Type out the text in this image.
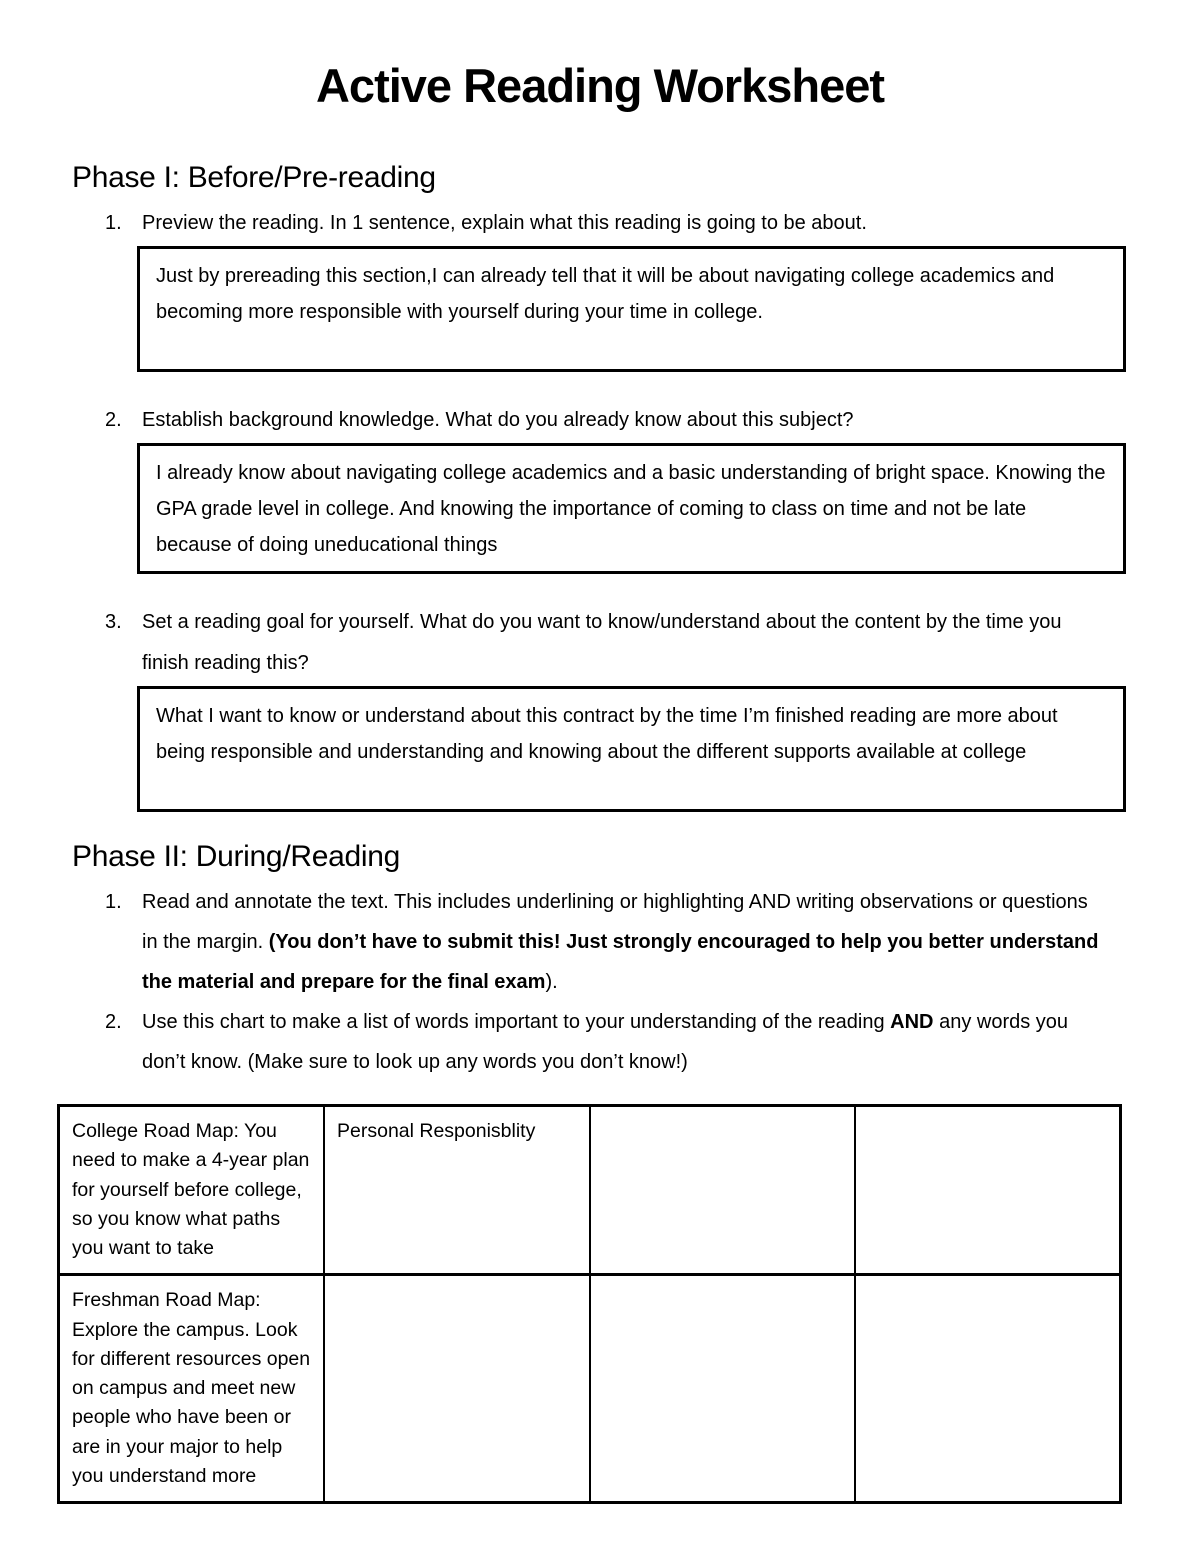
Active Reading Worksheet
Phase I: Before/Pre-reading
1.	Preview the reading. In 1 sentence, explain what this reading is going to be about.
Just by prereading this section,I can already tell that it will be about navigating college academics and becoming more responsible with yourself during your time in college.
2.	Establish background knowledge. What do you already know about this subject?
I already know about navigating college academics and a basic understanding of bright space. Knowing the GPA grade level in college. And knowing the importance of coming to class on time and not be late because of doing uneducational things
3.	Set a reading goal for yourself. What do you want to know/understand about the content by the time you finish reading this?
What I want to know or understand about this contract by the time I’m finished reading are more about being responsible and understanding and knowing about the different supports available at college
Phase II: During/Reading
1.	Read and annotate the text. This includes underlining or highlighting AND writing observations or questions in the margin. (You don’t have to submit this! Just strongly encouraged to help you better understand the material and prepare for the final exam).
2.	Use this chart to make a list of words important to your understanding of the reading AND any words you don’t know. (Make sure to look up any words you don’t know!)
College Road Map: You need to make a 4-year plan for yourself before college, so you know what paths you want to take	Personal Responisblity		
Freshman Road Map: Explore the campus. Look for different resources open on campus and meet new people who have been or are in your major to help you understand more			
